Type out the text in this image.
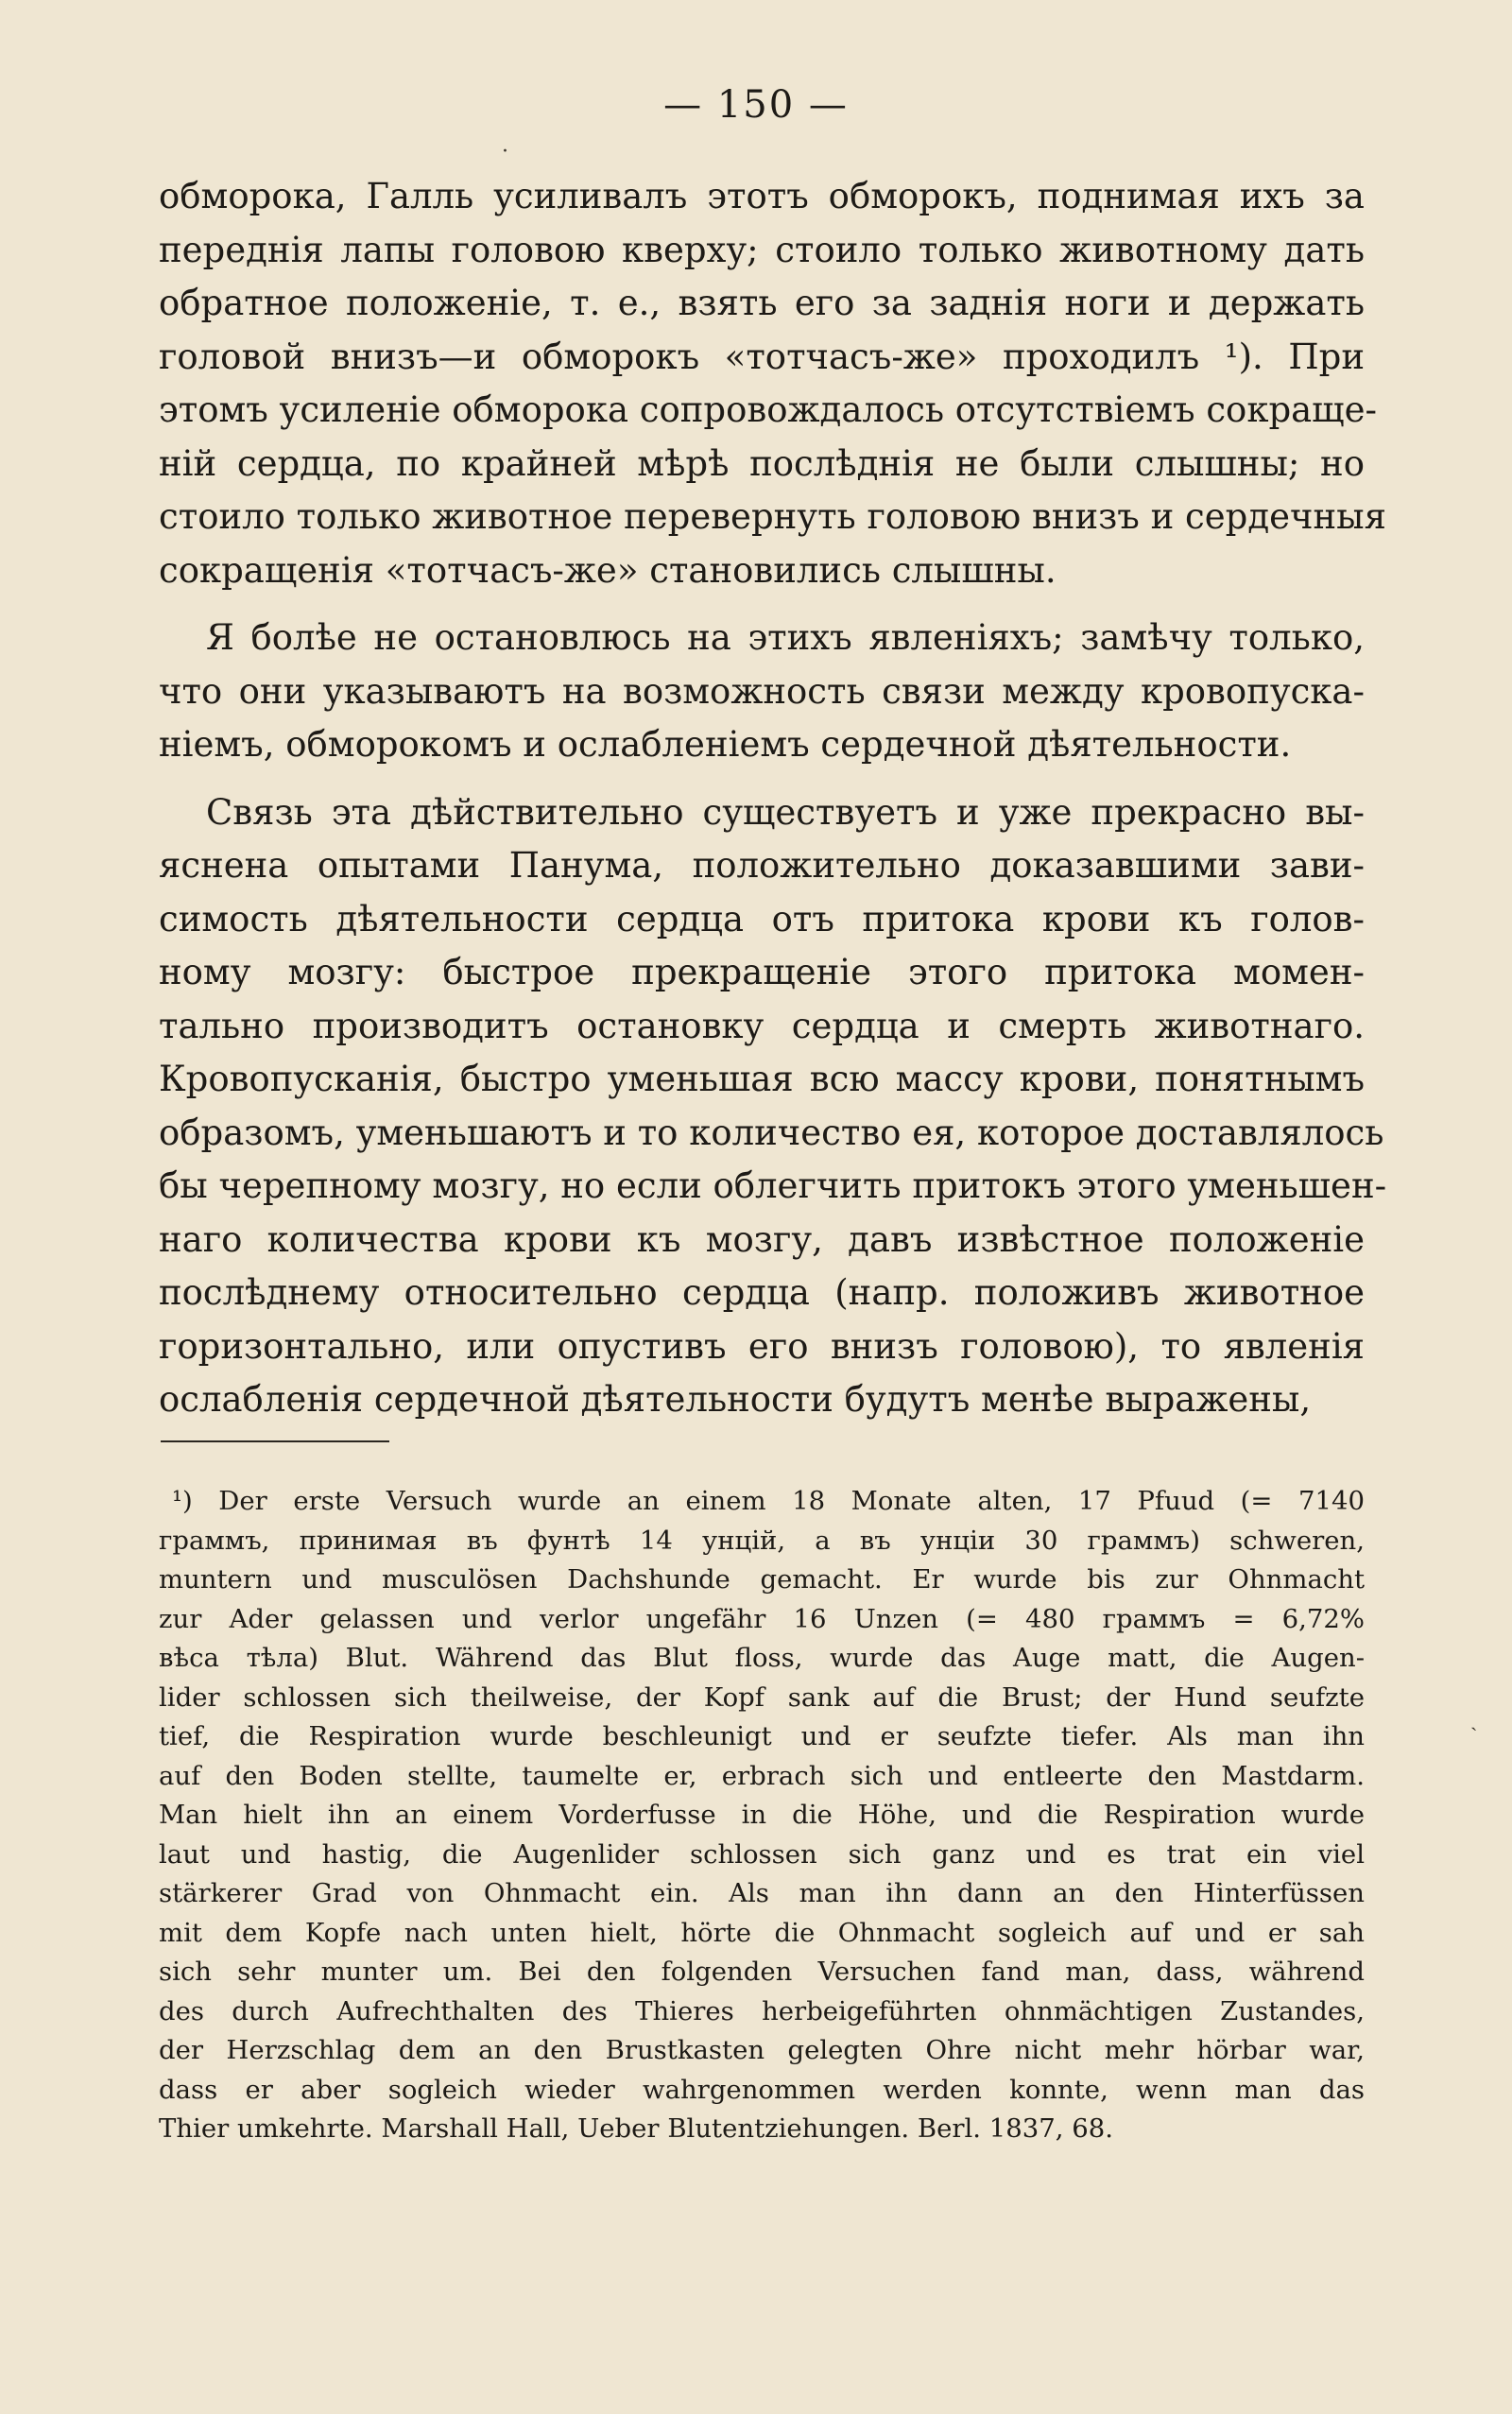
— 150 —
обморока, Галль усиливалъ этотъ обморокъ, поднимая ихъ за
переднія лапы головою кверху; стоило только животному дать
обратное положеніе, т. е., взять его за заднія ноги и держать
головой внизъ—и обморокъ «тотчасъ-же» проходилъ ¹). При
этомъ усиленіе обморока сопровождалось отсутствіемъ сокраще-
ній сердца, по крайней мѣрѣ послѣднія не были слышны; но
стоило только животное перевернуть головою внизъ и сердечныя
сокращенія «тотчасъ-же» становились слышны.
Я болѣе не остановлюсь на этихъ явленіяхъ; замѣчу только,
что они указываютъ на возможность связи между кровопуска-
ніемъ, обморокомъ и ослабленіемъ сердечной дѣятельности.
Связь эта дѣйствительно существуетъ и уже прекрасно вы-
яснена опытами Панума, положительно доказавшими зави-
симость дѣятельности сердца отъ притока крови къ голов-
ному мозгу: быстрое прекращеніе этого притока момен-
тально производитъ остановку сердца и смерть животнаго.
Кровопусканія, быстро уменьшая всю массу крови, понятнымъ
образомъ, уменьшаютъ и то количество ея, которое доставлялось
бы черепному мозгу, но если облегчить притокъ этого уменьшен-
наго количества крови къ мозгу, давъ извѣстное положеніе
послѣднему относительно сердца (напр. положивъ животное
горизонтально, или опустивъ его внизъ головою), то явленія
ослабленія сердечной дѣятельности будутъ менѣе выражены,
¹) Der erste Versuch wurde an einem 18 Monate alten, 17 Pfuud (= 7140
граммъ, принимая въ фунтѣ 14 унцій, а въ унціи 30 граммъ) schweren,
muntern und musculösen Dachshunde gemacht. Er wurde bis zur Ohnmacht
zur Ader gelassen und verlor ungefähr 16 Unzen (= 480 граммъ = 6,72%
вѣса тѣла) Blut. Während das Blut floss, wurde das Auge matt, die Augen-
lider schlossen sich theilweise, der Kopf sank auf die Brust; der Hund seufzte
tief, die Respiration wurde beschleunigt und er seufzte tiefer. Als man ihn
auf den Boden stellte, taumelte er, erbrach sich und entleerte den Mastdarm.
Man hielt ihn an einem Vorderfusse in die Höhe, und die Respiration wurde
laut und hastig, die Augenlider schlossen sich ganz und es trat ein viel
stärkerer Grad von Ohnmacht ein. Als man ihn dann an den Hinterfüssen
mit dem Kopfe nach unten hielt, hörte die Ohnmacht sogleich auf und er sah
sich sehr munter um. Bei den folgenden Versuchen fand man, dass, während
des durch Aufrechthalten des Thieres herbeigeführten ohnmächtigen Zustandes,
der Herzschlag dem an den Brustkasten gelegten Ohre nicht mehr hörbar war,
dass er aber sogleich wieder wahrgenommen werden konnte, wenn man das
Thier umkehrte. Marshall Hall, Ueber Blutentziehungen. Berl. 1837, 68.
·
ˎ
